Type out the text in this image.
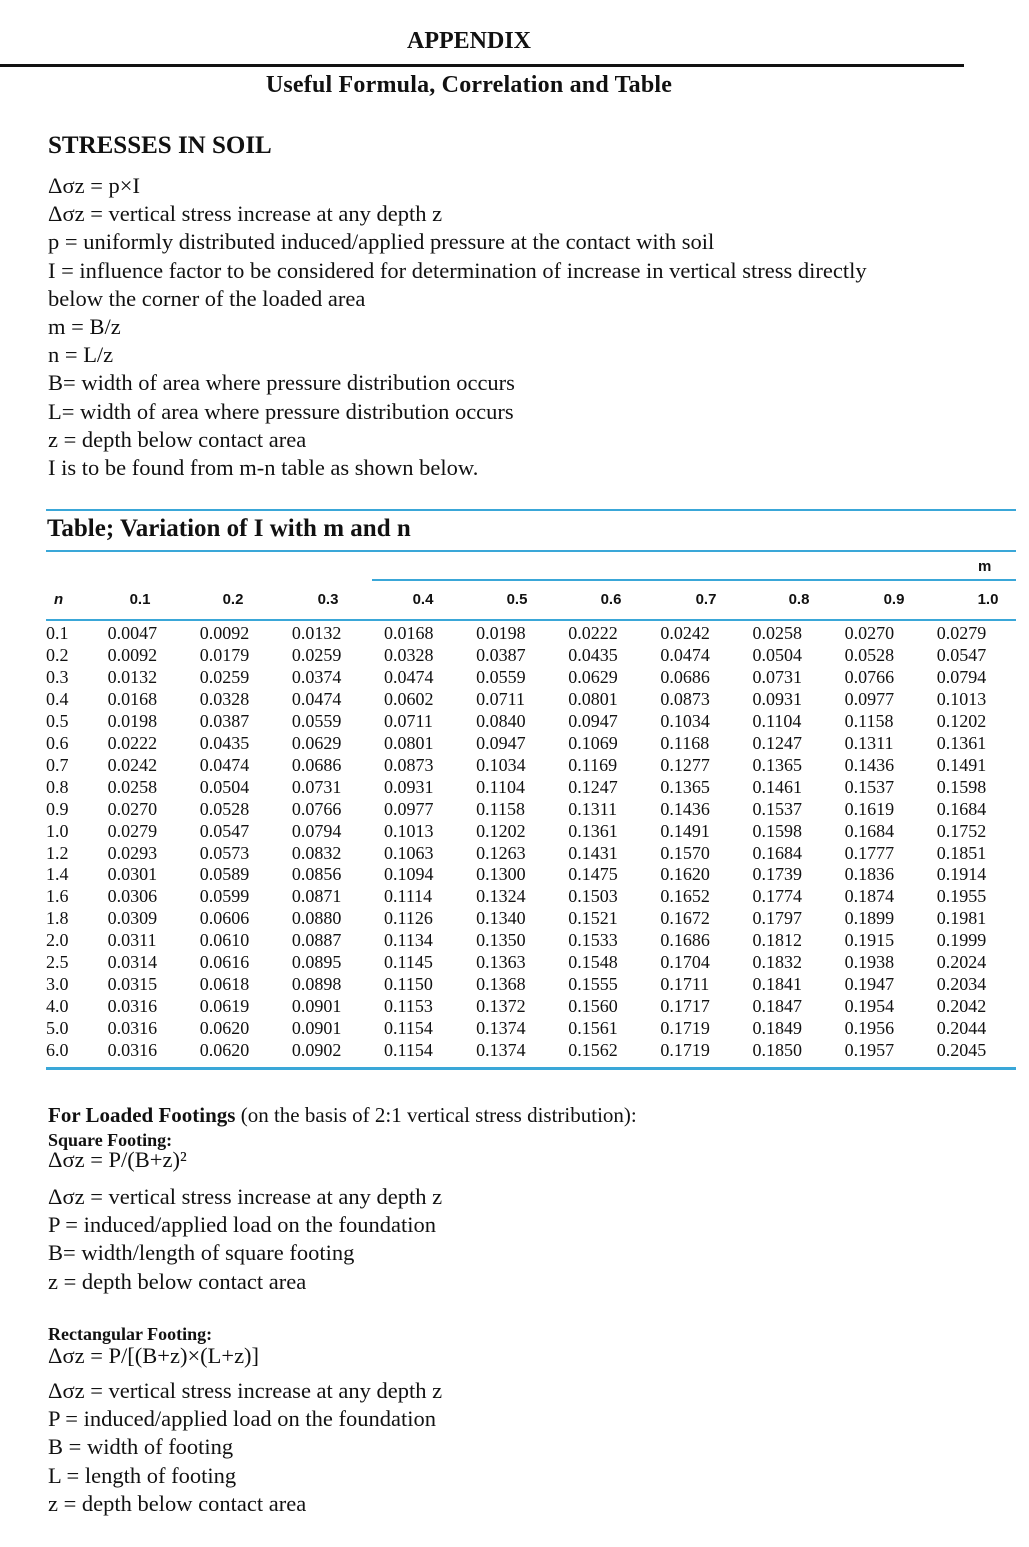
APPENDIX
Useful Formula, Correlation and Table
STRESSES IN SOIL
Δσz = p×I
Δσz = vertical stress increase at any depth z
p = uniformly distributed induced/applied pressure at the contact with soil
I = influence factor to be considered for determination of increase in vertical stress directly
below the corner of the loaded area
m = B/z
n = L/z
B= width of area where pressure distribution occurs
L= width of area where pressure distribution occurs
z = depth below contact area
I is to be found from m-n table as shown below.
Table; Variation of I with m and n
m
n	0.1	0.2	0.3	0.4	0.5	0.6	0.7	0.8	0.9	1.0
0.1	0.0047	0.0092	0.0132	0.0168	0.0198	0.0222	0.0242	0.0258	0.0270	0.0279
0.2	0.0092	0.0179	0.0259	0.0328	0.0387	0.0435	0.0474	0.0504	0.0528	0.0547
0.3	0.0132	0.0259	0.0374	0.0474	0.0559	0.0629	0.0686	0.0731	0.0766	0.0794
0.4	0.0168	0.0328	0.0474	0.0602	0.0711	0.0801	0.0873	0.0931	0.0977	0.1013
0.5	0.0198	0.0387	0.0559	0.0711	0.0840	0.0947	0.1034	0.1104	0.1158	0.1202
0.6	0.0222	0.0435	0.0629	0.0801	0.0947	0.1069	0.1168	0.1247	0.1311	0.1361
0.7	0.0242	0.0474	0.0686	0.0873	0.1034	0.1169	0.1277	0.1365	0.1436	0.1491
0.8	0.0258	0.0504	0.0731	0.0931	0.1104	0.1247	0.1365	0.1461	0.1537	0.1598
0.9	0.0270	0.0528	0.0766	0.0977	0.1158	0.1311	0.1436	0.1537	0.1619	0.1684
1.0	0.0279	0.0547	0.0794	0.1013	0.1202	0.1361	0.1491	0.1598	0.1684	0.1752
1.2	0.0293	0.0573	0.0832	0.1063	0.1263	0.1431	0.1570	0.1684	0.1777	0.1851
1.4	0.0301	0.0589	0.0856	0.1094	0.1300	0.1475	0.1620	0.1739	0.1836	0.1914
1.6	0.0306	0.0599	0.0871	0.1114	0.1324	0.1503	0.1652	0.1774	0.1874	0.1955
1.8	0.0309	0.0606	0.0880	0.1126	0.1340	0.1521	0.1672	0.1797	0.1899	0.1981
2.0	0.0311	0.0610	0.0887	0.1134	0.1350	0.1533	0.1686	0.1812	0.1915	0.1999
2.5	0.0314	0.0616	0.0895	0.1145	0.1363	0.1548	0.1704	0.1832	0.1938	0.2024
3.0	0.0315	0.0618	0.0898	0.1150	0.1368	0.1555	0.1711	0.1841	0.1947	0.2034
4.0	0.0316	0.0619	0.0901	0.1153	0.1372	0.1560	0.1717	0.1847	0.1954	0.2042
5.0	0.0316	0.0620	0.0901	0.1154	0.1374	0.1561	0.1719	0.1849	0.1956	0.2044
6.0	0.0316	0.0620	0.0902	0.1154	0.1374	0.1562	0.1719	0.1850	0.1957	0.2045
For Loaded Footings (on the basis of 2:1 vertical stress distribution):
Square Footing:
Δσz = P/(B+z)²
Δσz = vertical stress increase at any depth z
P = induced/applied load on the foundation
B= width/length of square footing
z = depth below contact area
Rectangular Footing:
Δσz = P/[(B+z)×(L+z)]
Δσz = vertical stress increase at any depth z
P = induced/applied load on the foundation
B = width of footing
L = length of footing
z = depth below contact area
